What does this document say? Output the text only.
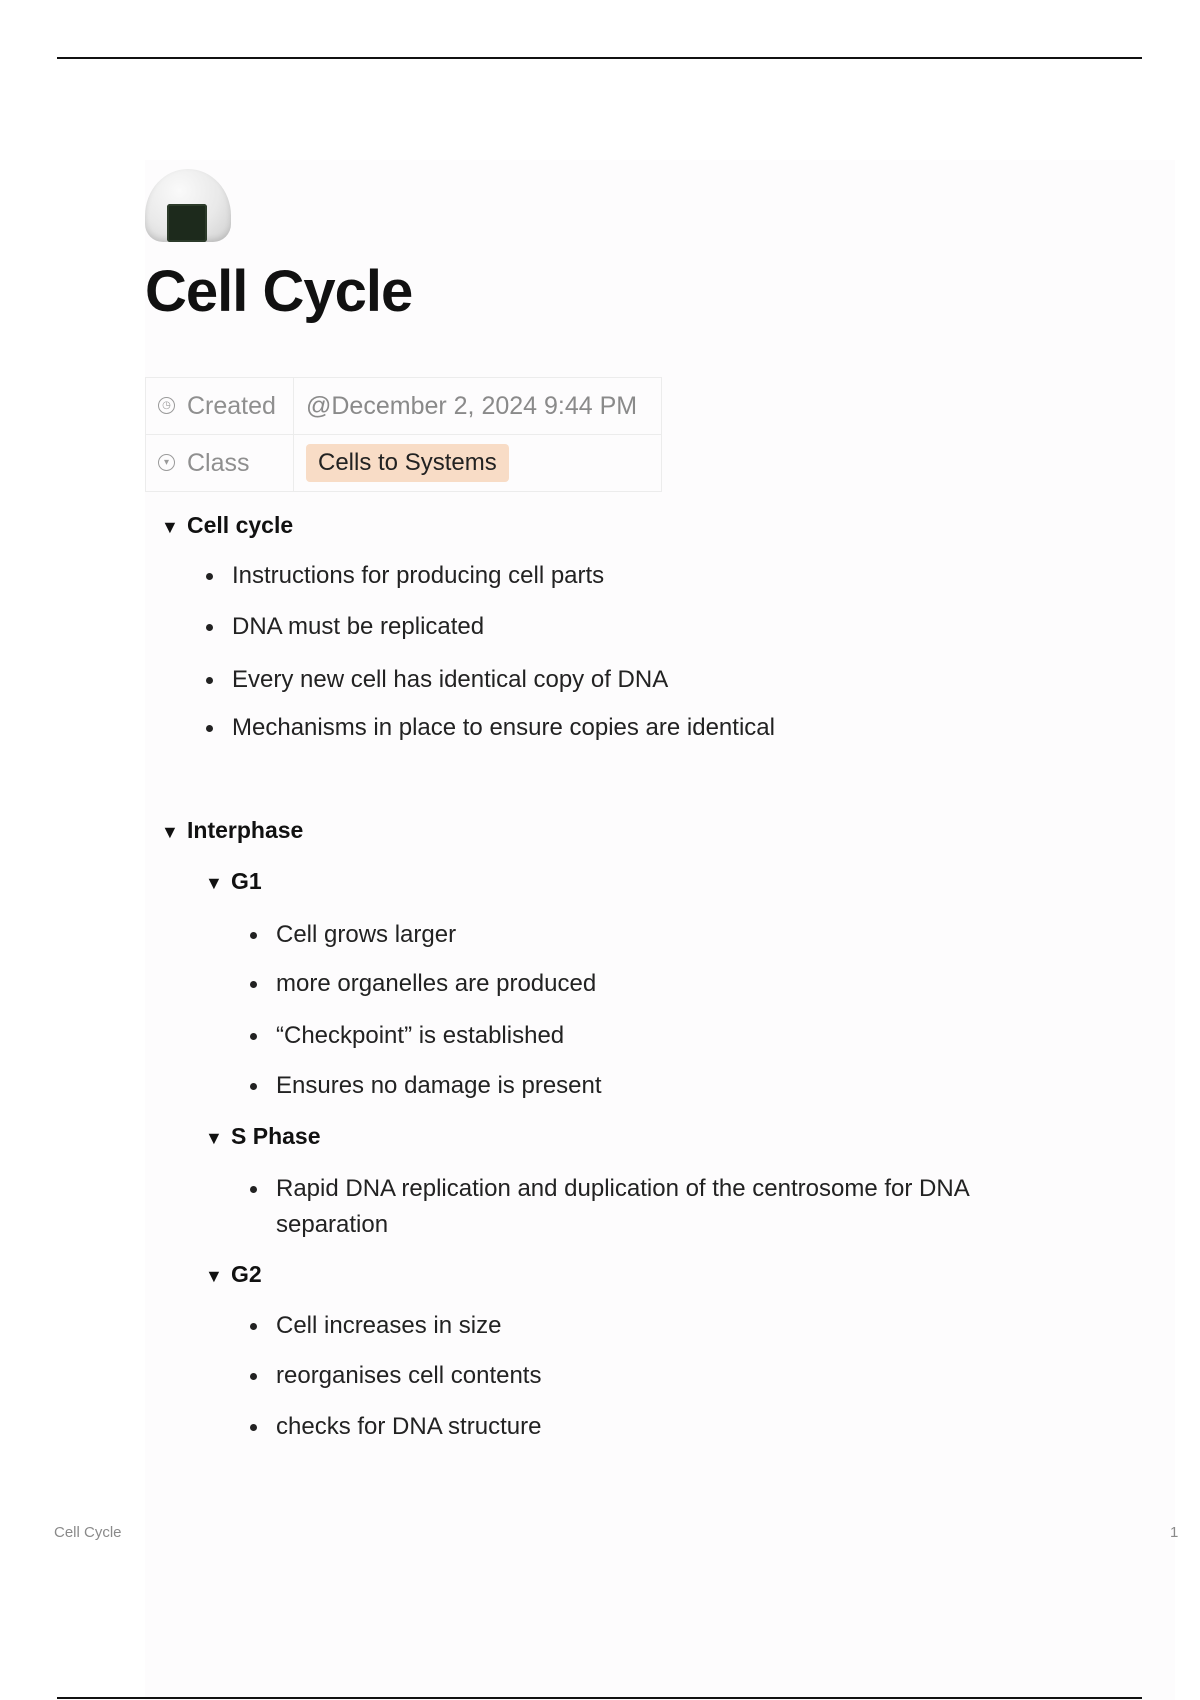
Cell Cycle
◷ Created	@December 2, 2024 9:44 PM
▾ Class	Cells to Systems
▼ Cell cycle
Instructions for producing cell parts
DNA must be replicated
Every new cell has identical copy of DNA
Mechanisms in place to ensure copies are identical
▼ Interphase
▼ G1
Cell grows larger
more organelles are produced
“Checkpoint” is established
Ensures no damage is present
▼ S Phase
Rapid DNA replication and duplication of the centrosome for DNA separation
▼ G2
Cell increases in size
reorganises cell contents
checks for DNA structure
Cell Cycle	1
